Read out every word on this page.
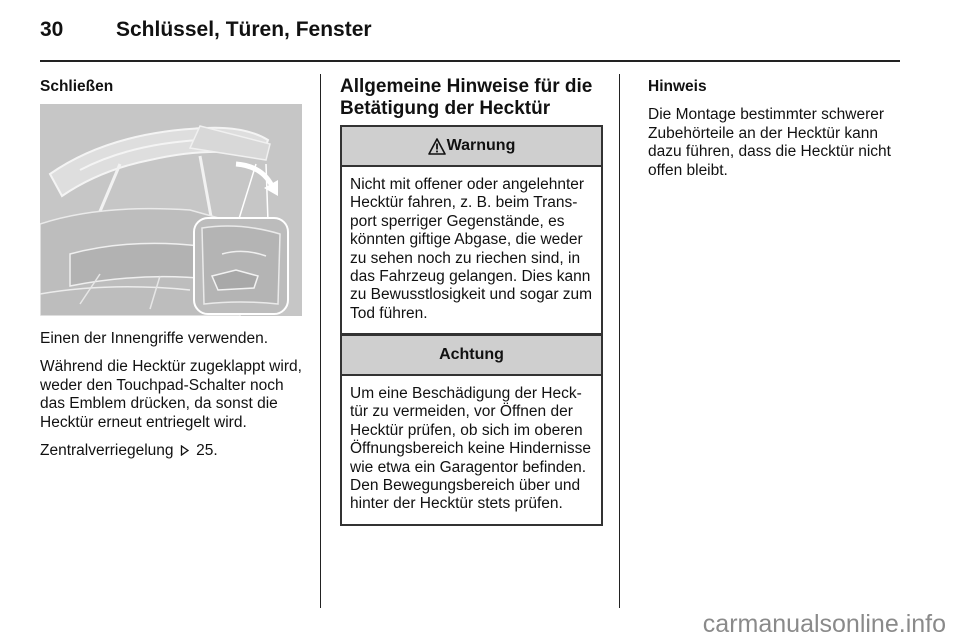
30	Schlüssel, Türen, Fenster

Schließen

Einen der Innengriffe verwenden.

Während die Hecktür zugeklappt wird, weder den Touchpad-Schalter noch das Emblem drücken, da sonst die Hecktür erneut entriegelt wird.

Zentralverriegelung 25.

Allgemeine Hinweise für die Betätigung der Hecktür

Warnung
Nicht mit offener oder angelehnter Hecktür fahren, z. B. beim Transport sperriger Gegenstände, es könnten giftige Abgase, die weder zu sehen noch zu riechen sind, in das Fahrzeug gelangen. Dies kann zu Bewusstlosigkeit und sogar zum Tod führen.
Achtung
Um eine Beschädigung der Hecktür zu vermeiden, vor Öffnen der Hecktür prüfen, ob sich im oberen Öffnungsbereich keine Hindernisse wie etwa ein Garagentor befinden. Den Bewegungsbereich über und hinter der Hecktür stets prüfen.

Hinweis

Die Montage bestimmter schwerer Zubehörteile an der Hecktür kann dazu führen, dass die Hecktür nicht offen bleibt.

carmanualsonline.info
